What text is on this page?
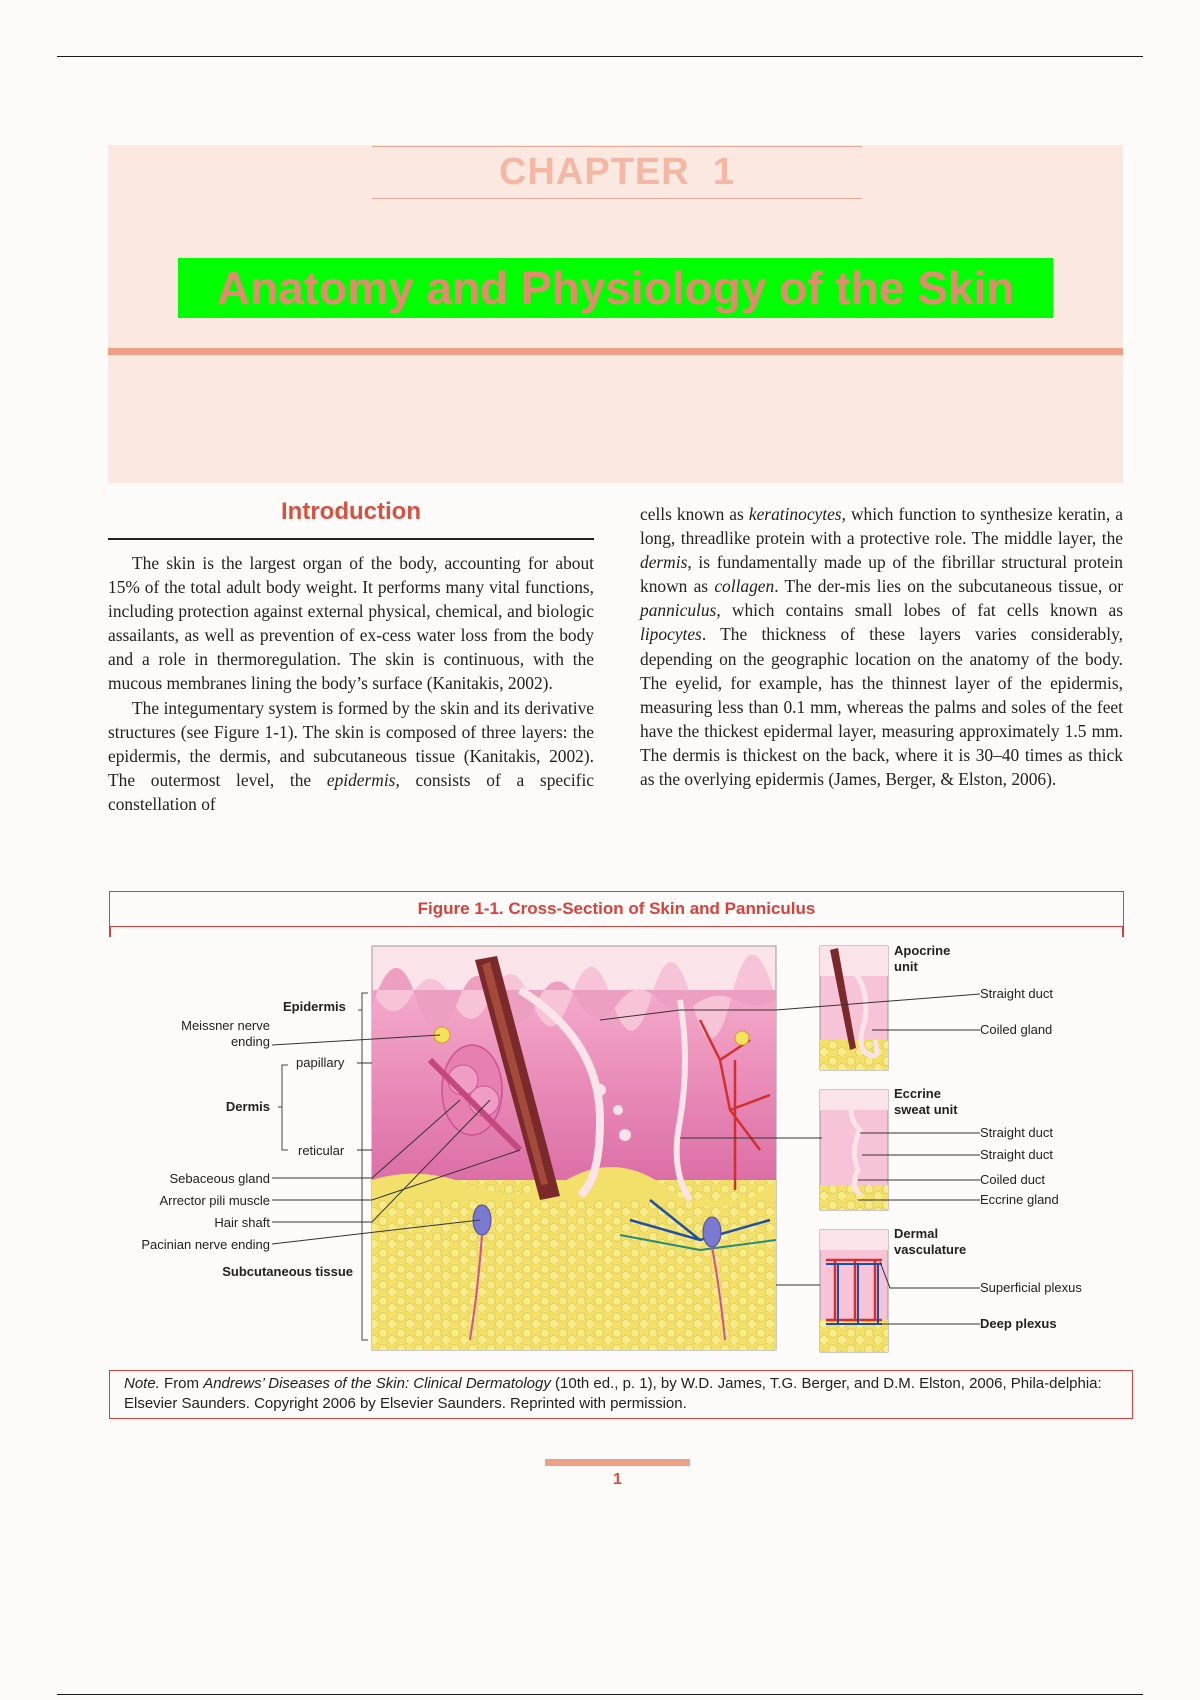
CHAPTER 1
Anatomy and Physiology of the Skin
Introduction

The skin is the largest organ of the body, accounting for about 15% of the total adult body weight. It performs many vital functions, including protection against external physical, chemical, and biologic assailants, as well as prevention of ex-cess water loss from the body and a role in thermoregulation. The skin is continuous, with the mucous membranes lining the body’s surface (Kanitakis, 2002).

The integumentary system is formed by the skin and its derivative structures (see Figure 1-1). The skin is composed of three layers: the epidermis, the dermis, and subcutaneous tissue (Kanitakis, 2002). The outermost level, the epidermis, consists of a specific constellation of

cells known as keratinocytes, which function to synthesize keratin, a long, threadlike protein with a protective role. The middle layer, the dermis, is fundamentally made up of the fibrillar structural protein known as collagen. The der-mis lies on the subcutaneous tissue, or panniculus, which contains small lobes of fat cells known as lipocytes. The thickness of these layers varies considerably, depending on the geographic location on the anatomy of the body. The eyelid, for example, has the thinnest layer of the epidermis, measuring less than 0.1 mm, whereas the palms and soles of the feet have the thickest epidermal layer, measuring approximately 1.5 mm. The dermis is thickest on the back, where it is 30–40 times as thick as the overlying epidermis (James, Berger, & Elston, 2006).

Figure 1-1. Cross-Section of Skin and Panniculus
Epidermis
Meissner nerve
ending
papillary
Dermis
reticular
Sebaceous gland
Arrector pili muscle
Hair shaft
Pacinian nerve ending
Subcutaneous tissue
Apocrine
unit
Straight duct
Coiled gland
Eccrine
sweat unit
Straight duct
Straight duct
Coiled duct
Eccrine gland
Dermal
vasculature
Superficial plexus
Deep plexus
Note. From Andrews’ Diseases of the Skin: Clinical Dermatology (10th ed., p. 1), by W.D. James, T.G. Berger, and D.M. Elston, 2006, Phila-delphia: Elsevier Saunders. Copyright 2006 by Elsevier Saunders. Reprinted with permission.
1
